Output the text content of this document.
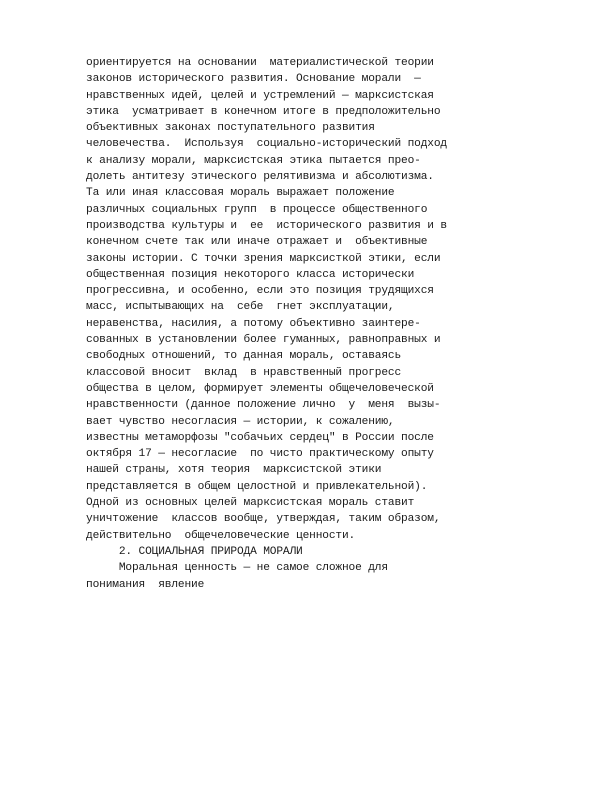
ориентируется на основании  материалистической теории
законов исторического развития. Основание морали  —
нравственных идей, целей и устремлений — марксистская
этика  усматривает в конечном итоге в предположительно
объективных законах поступательного развития
человечества.  Используя  социально-исторический подход
к анализу морали, марксистская этика пытается прео-
долеть антитезу этического релятивизма и абсолютизма.
Та или иная классовая мораль выражает положение
различных социальных групп  в процессе общественного
производства культуры и  ее  исторического развития и в
конечном счете так или иначе отражает и  объективные
законы истории. С точки зрения марксисткой этики, если
общественная позиция некоторого класса исторически
прогрессивна, и особенно, если это позиция трудящихся
масс, испытывающих на  себе  гнет эксплуатации,
неравенства, насилия, а потому объективно заинтере-
сованных в установлении более гуманных, равноправных и
свободных отношений, то данная мораль, оставаясь
классовой вносит  вклад  в нравственный прогресс
общества в целом, формирует элементы общечеловеческой
нравственности (данное положение лично  у  меня  вызы-
вает чувство несогласия — истории, к сожалению,
известны метаморфозы "собачьих сердец" в России после
октября 17 — несогласие  по чисто практическому опыту
нашей страны, хотя теория  марксистской этики
представляется в общем целостной и привлекательной).
Одной из основных целей марксистская мораль ставит
уничтожение  классов вообще, утверждая, таким образом,
действительно  общечеловеческие ценности.
2. СОЦИАЛЬНАЯ ПРИРОДА МОРАЛИ
Моральная ценность — не самое сложное для
понимания  явление
